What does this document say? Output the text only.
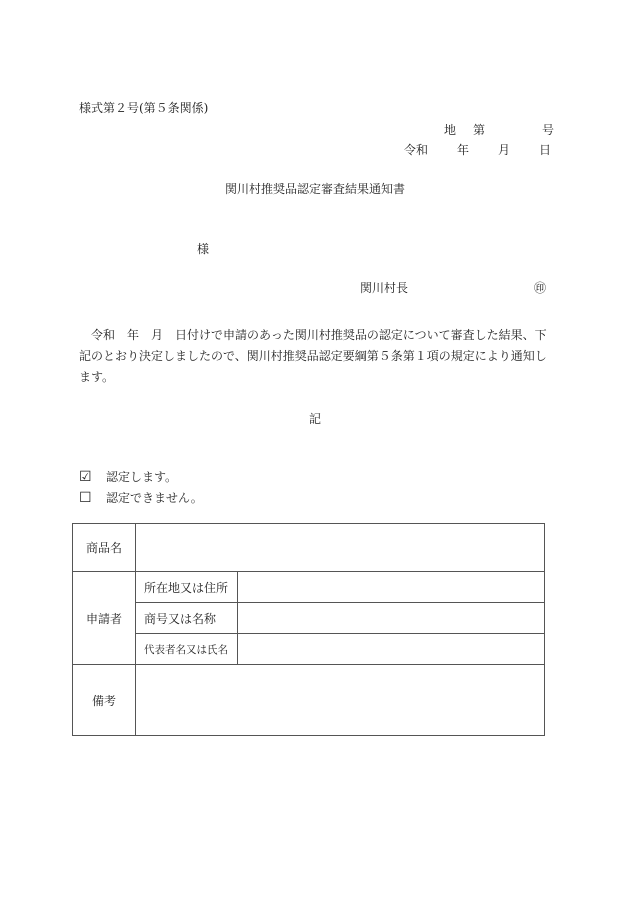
様式第２号(第５条関係)
地 第	号
令和 年 月 日
関川村推奨品認定審査結果通知書
様
関川村長	㊞
令和　年　月　日付けで申請のあった関川村推奨品の認定について審査した結果、下記のとおり決定しましたので、関川村推奨品認定要綱第５条第１項の規定により通知します。
記
☑ 認定します。
☐ 認定できません。
商品名		
申請者	所在地又は住所	
	商号又は名称	
	代表者名又は氏名	
備考		
